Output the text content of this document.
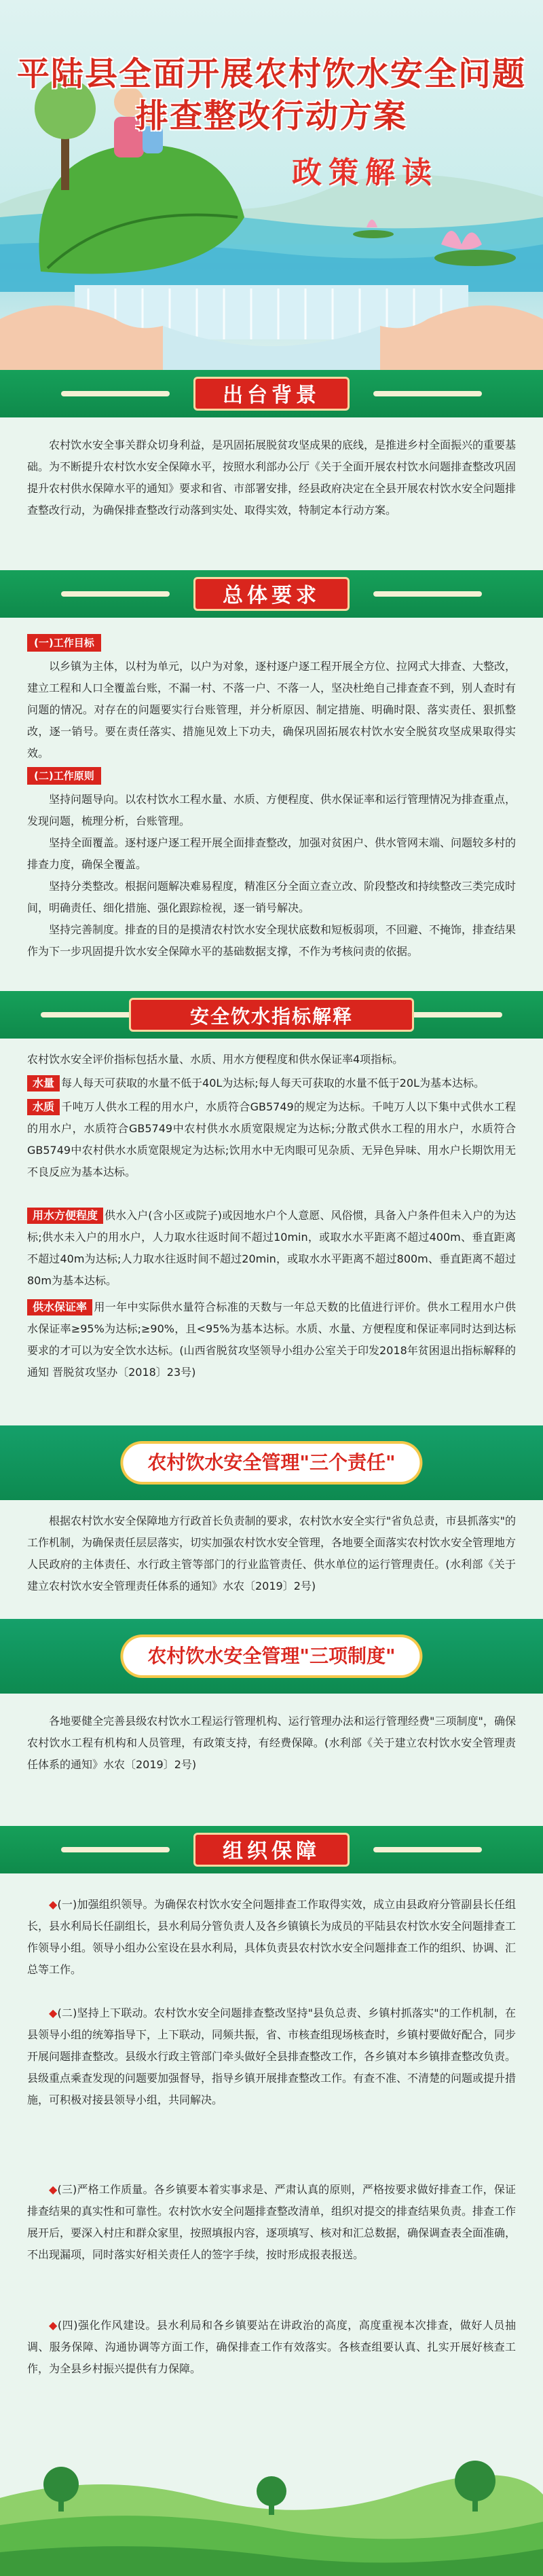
平陆县全面开展农村饮水安全问题
排查整改行动方案
政策解读
出台背景
农村饮水安全事关群众切身利益，是巩固拓展脱贫攻坚成果的底线，是推进乡村全面振兴的重要基础。为不断提升农村饮水安全保障水平，按照水利部办公厅《关于全面开展农村饮水问题排查整改巩固提升农村供水保障水平的通知》要求和省、市部署安排，经县政府决定在全县开展农村饮水安全问题排查整改行动，为确保排查整改行动落到实处、取得实效，特制定本行动方案。
总体要求
(一)工作目标
以乡镇为主体，以村为单元，以户为对象，逐村逐户逐工程开展全方位、拉网式大排查、大整改，建立工程和人口全覆盖台账，不漏一村、不落一户、不落一人，坚决杜绝自己排查查不到，别人查时有问题的情况。对存在的问题要实行台账管理，并分析原因、制定措施、明确时限、落实责任、狠抓整改，逐一销号。要在责任落实、措施见效上下功夫，确保巩固拓展农村饮水安全脱贫攻坚成果取得实效。
(二)工作原则
坚持问题导向。以农村饮水工程水量、水质、方便程度、供水保证率和运行管理情况为排查重点，发现问题，梳理分析，台账管理。
坚持全面覆盖。逐村逐户逐工程开展全面排查整改，加强对贫困户、供水管网末端、问题较多村的排查力度，确保全覆盖。
坚持分类整改。根据问题解决难易程度，精准区分全面立查立改、阶段整改和持续整改三类完成时间，明确责任、细化措施、强化跟踪检视，逐一销号解决。
坚持完善制度。排查的目的是摸清农村饮水安全现状底数和短板弱项，不回避、不掩饰，排查结果作为下一步巩固提升饮水安全保障水平的基础数据支撑，不作为考核问责的依据。
安全饮水指标解释
农村饮水安全评价指标包括水量、水质、用水方便程度和供水保证率4项指标。
水量 每人每天可获取的水量不低于40L为达标;每人每天可获取的水量不低于20L为基本达标。
水质 千吨万人供水工程的用水户，水质符合GB5749的规定为达标。千吨万人以下集中式供水工程的用水户，水质符合GB5749中农村供水水质宽限规定为达标;分散式供水工程的用水户，水质符合GB5749中农村供水水质宽限规定为达标;饮用水中无肉眼可见杂质、无异色异味、用水户长期饮用无不良反应为基本达标。
用水方便程度 供水入户(含小区或院子)或因地水户个人意愿、风俗惯，具备入户条件但未入户的为达标;供水未入户的用水户，人力取水往返时间不超过10min，或取水水平距离不超过400m、垂直距离不超过40m为达标;人力取水往返时间不超过20min，或取水水平距离不超过800m、垂直距离不超过80m为基本达标。
供水保证率 用一年中实际供水量符合标准的天数与一年总天数的比值进行评价。供水工程用水户供水保证率≥95%为达标;≥90%，且<95%为基本达标。水质、水量、方便程度和保证率同时达到达标要求的才可以为安全饮水达标。(山西省脱贫攻坚领导小组办公室关于印发2018年贫困退出指标解释的通知 晋脱贫攻坚办〔2018〕23号)
农村饮水安全管理"三个责任"
根据农村饮水安全保障地方行政首长负责制的要求，农村饮水安全实行"省负总责，市县抓落实"的工作机制，为确保责任层层落实，切实加强农村饮水安全管理，各地要全面落实农村饮水安全管理地方人民政府的主体责任、水行政主管等部门的行业监管责任、供水单位的运行管理责任。(水利部《关于建立农村饮水安全管理责任体系的通知》水农〔2019〕2号)
农村饮水安全管理"三项制度"
各地要健全完善县级农村饮水工程运行管理机构、运行管理办法和运行管理经费"三项制度"，确保农村饮水工程有机构和人员管理，有政策支持，有经费保障。(水利部《关于建立农村饮水安全管理责任体系的通知》水农〔2019〕2号)
组织保障
◆(一)加强组织领导。为确保农村饮水安全问题排查工作取得实效，成立由县政府分管副县长任组长，县水利局长任副组长，县水利局分管负责人及各乡镇镇长为成员的平陆县农村饮水安全问题排查工作领导小组。领导小组办公室设在县水利局，具体负责县农村饮水安全问题排查工作的组织、协调、汇总等工作。
◆(二)坚持上下联动。农村饮水安全问题排查整改坚持"县负总责、乡镇村抓落实"的工作机制，在县领导小组的统筹指导下，上下联动，同频共振，省、市核查组现场核查时，乡镇村要做好配合，同步开展问题排查整改。县级水行政主管部门牵头做好全县排查整改工作，各乡镇对本乡镇排查整改负责。县级重点乘查发现的问题要加强督导，指导乡镇开展排查整改工作。有查不准、不清楚的问题或提升措施，可积极对接县领导小组，共同解决。
◆(三)严格工作质量。各乡镇要本着实事求是、严肃认真的原则，严格按要求做好排查工作，保证排查结果的真实性和可靠性。农村饮水安全问题排查整改清单，组织对提交的排查结果负责。排查工作展开后，要深入村庄和群众家里，按照填报内容，逐项填写、核对和汇总数据，确保调查表全面准确，不出现漏项，同时落实好相关责任人的签字手续，按时形成报表报送。
◆(四)强化作风建设。县水利局和各乡镇要站在讲政治的高度，高度重视本次排查，做好人员抽调、服务保障、沟通协调等方面工作，确保排查工作有效落实。各核查组要认真、扎实开展好核查工作，为全县乡村振兴提供有力保障。
